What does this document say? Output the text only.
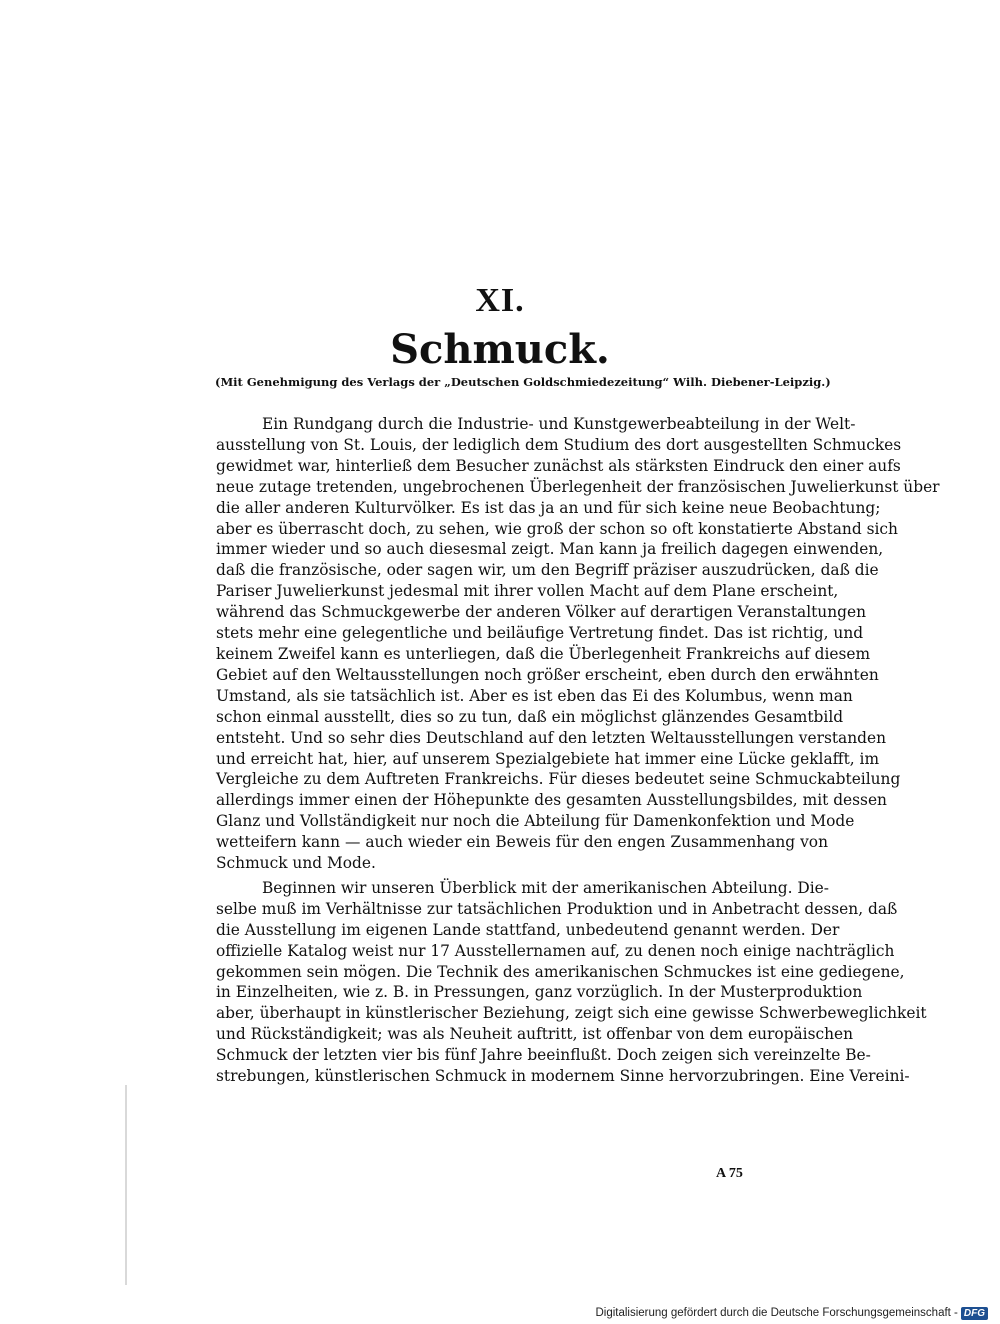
XI.
Schmuck.
(Mit Genehmigung des Verlags der „Deutschen Goldschmiedezeitung“ Wilh. Diebener-Leipzig.)
Ein Rundgang durch die Industrie- und Kunstgewerbeabteilung in der Welt-
ausstellung von St. Louis, der lediglich dem Studium des dort ausgestellten Schmuckes
gewidmet war, hinterließ dem Besucher zunächst als stärksten Eindruck den einer aufs
neue zutage tretenden, ungebrochenen Überlegenheit der französischen Juwelierkunst über
die aller anderen Kulturvölker. Es ist das ja an und für sich keine neue Beobachtung;
aber es überrascht doch, zu sehen, wie groß der schon so oft konstatierte Abstand sich
immer wieder und so auch diesesmal zeigt. Man kann ja freilich dagegen einwenden,
daß die französische, oder sagen wir, um den Begriff präziser auszudrücken, daß die
Pariser Juwelierkunst jedesmal mit ihrer vollen Macht auf dem Plane erscheint,
während das Schmuckgewerbe der anderen Völker auf derartigen Veranstaltungen
stets mehr eine gelegentliche und beiläufige Vertretung findet. Das ist richtig, und
keinem Zweifel kann es unterliegen, daß die Überlegenheit Frankreichs auf diesem
Gebiet auf den Weltausstellungen noch größer erscheint, eben durch den erwähnten
Umstand, als sie tatsächlich ist. Aber es ist eben das Ei des Kolumbus, wenn man
schon einmal ausstellt, dies so zu tun, daß ein möglichst glänzendes Gesamtbild
entsteht. Und so sehr dies Deutschland auf den letzten Weltausstellungen verstanden
und erreicht hat, hier, auf unserem Spezialgebiete hat immer eine Lücke geklafft, im
Vergleiche zu dem Auftreten Frankreichs. Für dieses bedeutet seine Schmuckabteilung
allerdings immer einen der Höhepunkte des gesamten Ausstellungsbildes, mit dessen
Glanz und Vollständigkeit nur noch die Abteilung für Damenkonfektion und Mode
wetteifern kann — auch wieder ein Beweis für den engen Zusammenhang von
Schmuck und Mode.
Beginnen wir unseren Überblick mit der amerikanischen Abteilung. Die-
selbe muß im Verhältnisse zur tatsächlichen Produktion und in Anbetracht dessen, daß
die Ausstellung im eigenen Lande stattfand, unbedeutend genannt werden. Der
offizielle Katalog weist nur 17 Ausstellernamen auf, zu denen noch einige nachträglich
gekommen sein mögen. Die Technik des amerikanischen Schmuckes ist eine gediegene,
in Einzelheiten, wie z. B. in Pressungen, ganz vorzüglich. In der Musterproduktion
aber, überhaupt in künstlerischer Beziehung, zeigt sich eine gewisse Schwerbeweglichkeit
und Rückständigkeit; was als Neuheit auftritt, ist offenbar von dem europäischen
Schmuck der letzten vier bis fünf Jahre beeinflußt. Doch zeigen sich vereinzelte Be-
strebungen, künstlerischen Schmuck in modernem Sinne hervorzubringen. Eine Vereini-
A 75
Digitalisierung gefördert durch die Deutsche Forschungsgemeinschaft - DFG
